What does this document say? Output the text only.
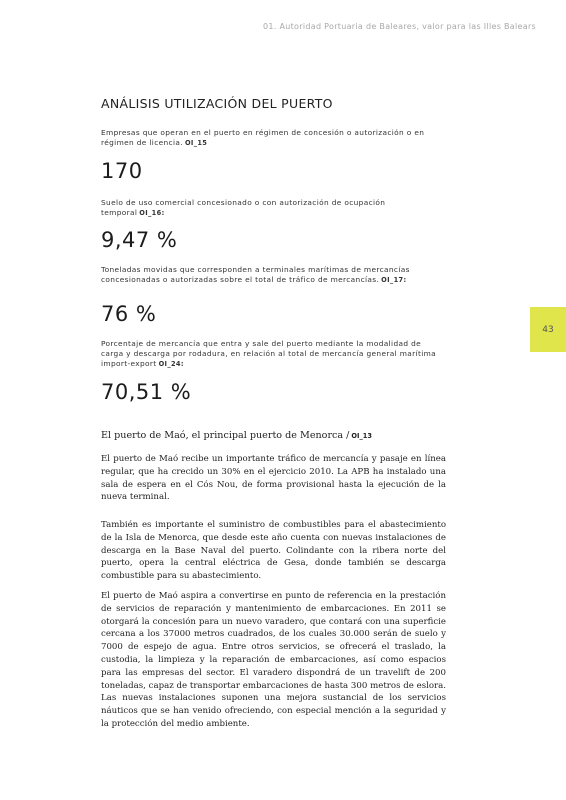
01. Autoridad Portuaria de Baleares, valor para las Illes Balears
43
ANÁLISIS UTILIZACIÓN DEL PUERTO
Empresas que operan en el puerto en régimen de concesión o autorización o en régimen de licencia. OI_15
170
Suelo de uso comercial concesionado o con autorización de ocupación temporal OI_16:
9,47 %
Toneladas movidas que corresponden a terminales marítimas de mercancías concesionadas o autorizadas sobre el total de tráfico de mercancías. OI_17:
76 %
Porcentaje de mercancía que entra y sale del puerto mediante la modalidad de carga y descarga por rodadura, en relación al total de mercancía general marítima import-export OI_24:
70,51 %
El puerto de Maó, el principal puerto de Menorca / OI_13

El puerto de Maó recibe un importante tráfico de mercancía y pasaje en línea regular, que ha crecido un 30% en el ejercicio 2010. La APB ha instalado una sala de espera en el Cós Nou, de forma provisional hasta la ejecución de la nueva terminal.

También es importante el suministro de combustibles para el abastecimiento de la Isla de Menorca, que desde este año cuenta con nuevas instalaciones de descarga en la Base Naval del puerto. Colindante con la ribera norte del puerto, opera la central eléctrica de Gesa, donde también se descarga combustible para su abastecimiento.

El puerto de Maó aspira a convertirse en punto de referencia en la prestación de servicios de reparación y mantenimiento de embarcaciones. En 2011 se otorgará la concesión para un nuevo varadero, que contará con una superficie cercana a los 37000 metros cuadrados, de los cuales 30.000 serán de suelo y 7000 de espejo de agua. Entre otros servicios, se ofrecerá el traslado, la custodia, la limpieza y la reparación de embarcaciones, así como espacios para las empresas del sector. El varadero dispondrá de un travelift de 200 toneladas, capaz de transportar embarcaciones de hasta 300 metros de eslora. Las nuevas instalaciones suponen una mejora sustancial de los servicios náuticos que se han venido ofreciendo, con especial mención a la seguridad y la protección del medio ambiente.
